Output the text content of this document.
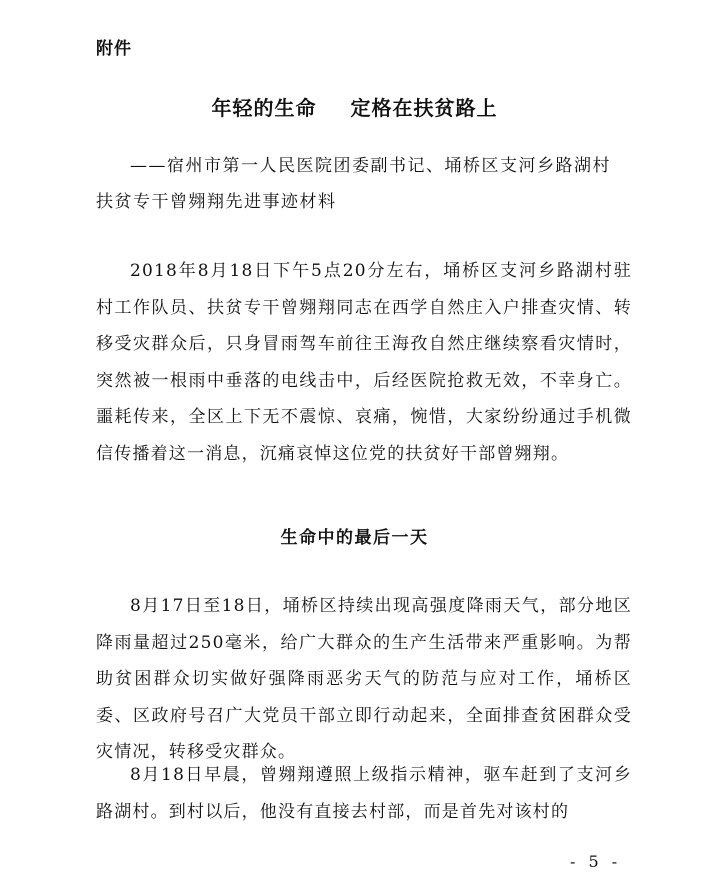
附件
年轻的生命 定格在扶贫路上
——宿州市第一人民医院团委副书记、埇桥区支河乡路湖村
扶贫专干曾翙翔先进事迹材料
2018年8月18日下午5点20分左右，埇桥区支河乡路湖村驻村工作队员、扶贫专干曾翙翔同志在西学自然庄入户排查灾情、转移受灾群众后，只身冒雨驾车前往王海孜自然庄继续察看灾情时，突然被一根雨中垂落的电线击中，后经医院抢救无效，不幸身亡。噩耗传来，全区上下无不震惊、哀痛，惋惜，大家纷纷通过手机微信传播着这一消息，沉痛哀悼这位党的扶贫好干部曾翙翔。
生命中的最后一天
8月17日至18日，埇桥区持续出现高强度降雨天气，部分地区降雨量超过250毫米，给广大群众的生产生活带来严重影响。为帮助贫困群众切实做好强降雨恶劣天气的防范与应对工作，埇桥区委、区政府号召广大党员干部立即行动起来，全面排查贫困群众受灾情况，转移受灾群众。
8月18日早晨，曾翙翔遵照上级指示精神，驱车赶到了支河乡路湖村。到村以后，他没有直接去村部，而是首先对该村的
- 5 -
